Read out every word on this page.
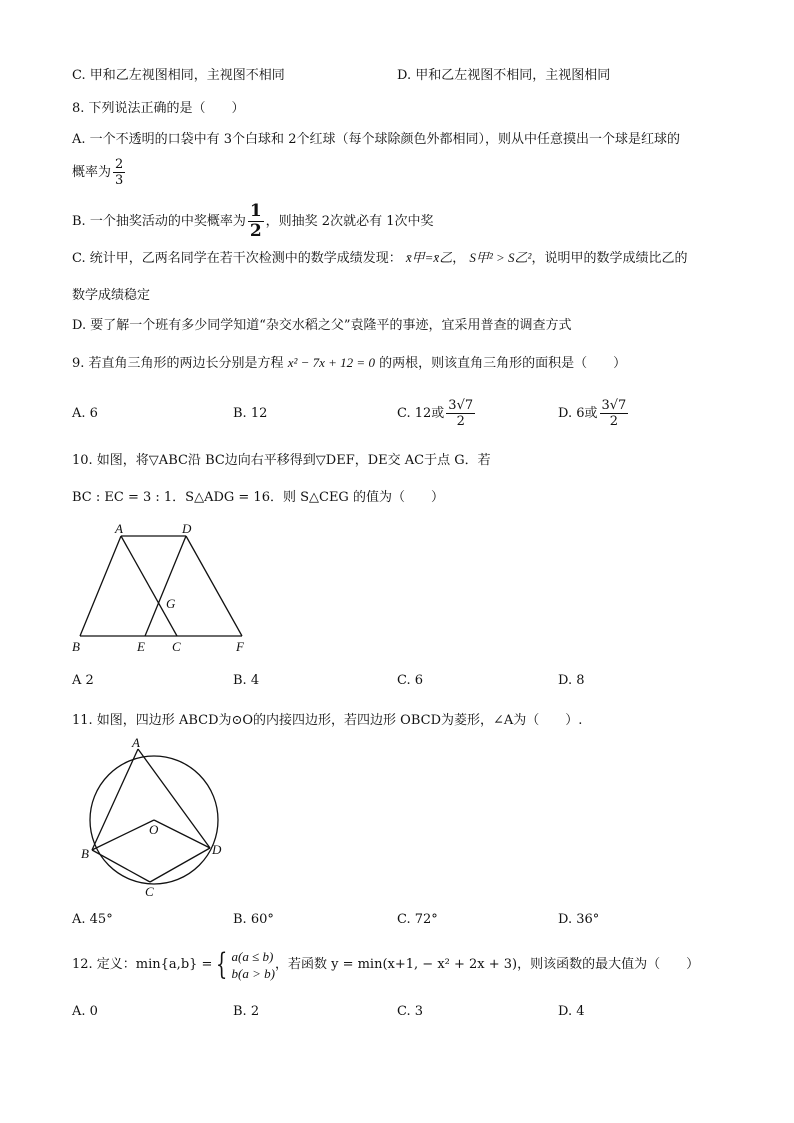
C. 甲和乙左视图相同，主视图不相同	D. 甲和乙左视图不相同，主视图相同
8. 下列说法正确的是（　　）
A. 一个不透明的口袋中有 3个白球和 2个红球（每个球除颜色外都相同），则从中任意摸出一个球是红球的
概率为 $\frac{2}{3}$
B. 一个抽奖活动的中奖概率为 $\frac{1}{2}$ ，则抽奖 2次就必有 1次中奖
C. 统计甲，乙两名同学在若干次检测中的数学成绩发现： x̄甲=x̄乙， S甲² > S乙²，说明甲的数学成绩比乙的
数学成绩稳定
D. 要了解一个班有多少同学知道“杂交水稻之父”袁隆平的事迹，宜采用普查的调查方式
9. 若直角三角形的两边长分别是方程 x² − 7x + 12 = 0 的两根，则该直角三角形的面积是（　　）
A. 6	B. 12	C. 12或 $\frac{3√7}{2}$	D. 6或 $\frac{3√7}{2}$
10. 如图，将▽ABC沿 BC边向右平移得到▽DEF，DE交 AC于点 G．若
BC : EC = 3 : 1．S△ADG = 16．则 S△CEG 的值为（　　）
A	D
G
B	E C	F
A 2	B. 4	C. 6	D. 8
11. 如图，四边形 ABCD为⊙O的内接四边形，若四边形 OBCD为菱形，∠A为（　　）.
A
O
B
C
D
A. 45°	B. 60°	C. 72°	D. 36°
12. 定义：min{a,b} = { a(a ≤ b)
b(a > b)
，若函数 y = min(x+1, − x² + 2x + 3)，则该函数的最大值为（　　）
A. 0	B. 2	C. 3	D. 4
